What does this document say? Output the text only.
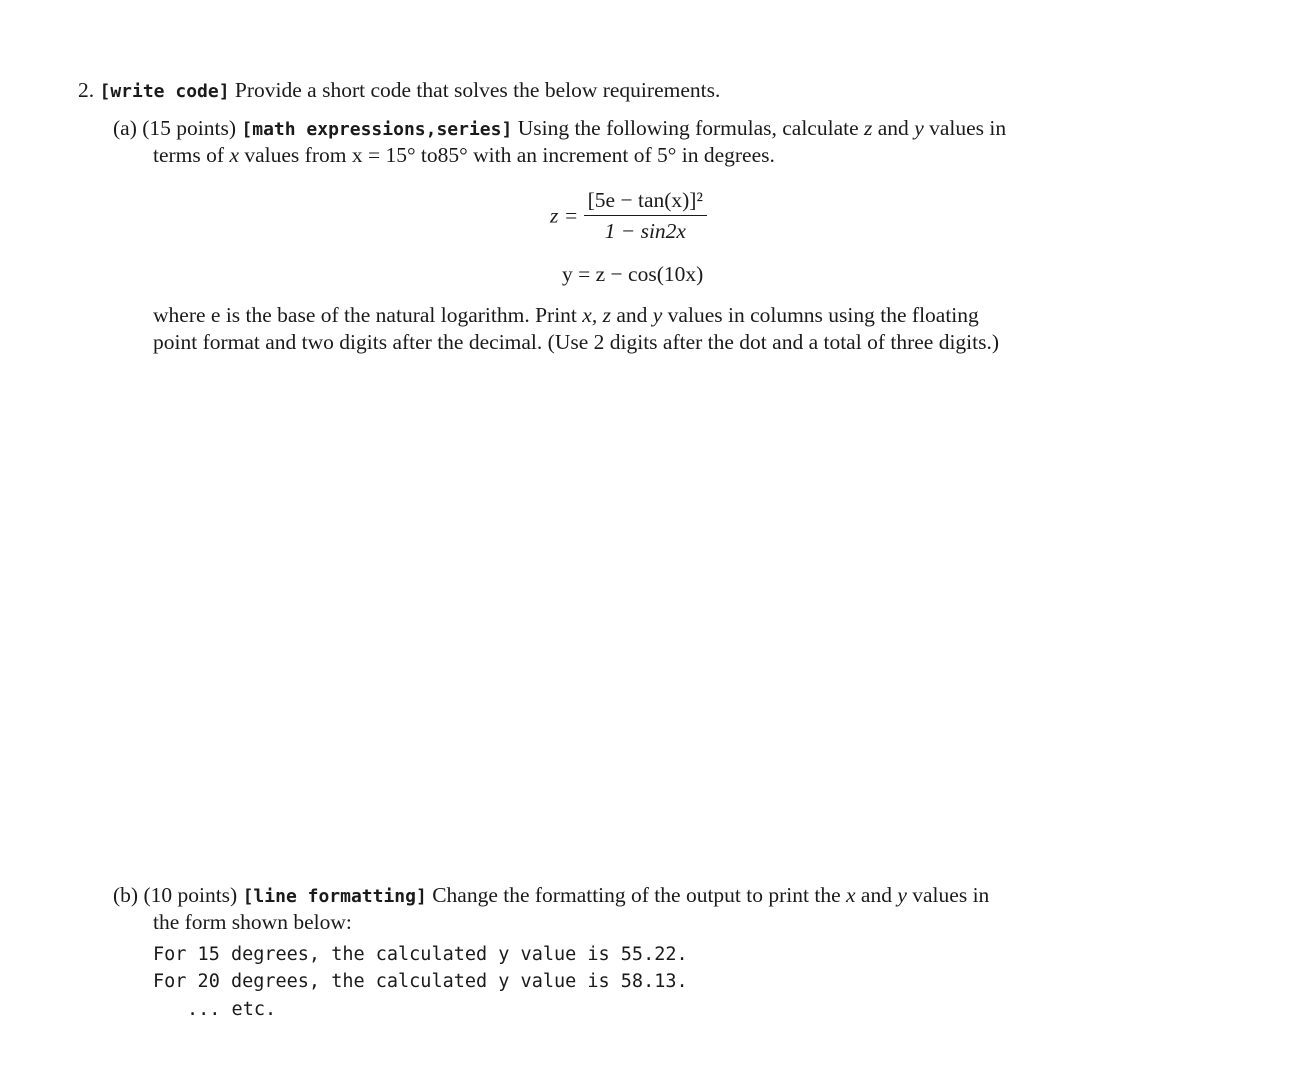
2. [write code] Provide a short code that solves the below requirements.
(a) (15 points) [math expressions,series] Using the following formulas, calculate z and y values in
terms of x values from x = 15° to85° with an increment of 5° in degrees.
$z = \frac{\text{[5e − tan(x)]²}}{1 - \sin 2x}$
y = z − cos(10x)
where e is the base of the natural logarithm. Print x, z and y values in columns using the floating
point format and two digits after the decimal. (Use 2 digits after the dot and a total of three digits.)
(b) (10 points) [line formatting] Change the formatting of the output to print the x and y values in
the form shown below:
For 15 degrees, the calculated y value is 55.22.
For 20 degrees, the calculated y value is 58.13.
... etc.
